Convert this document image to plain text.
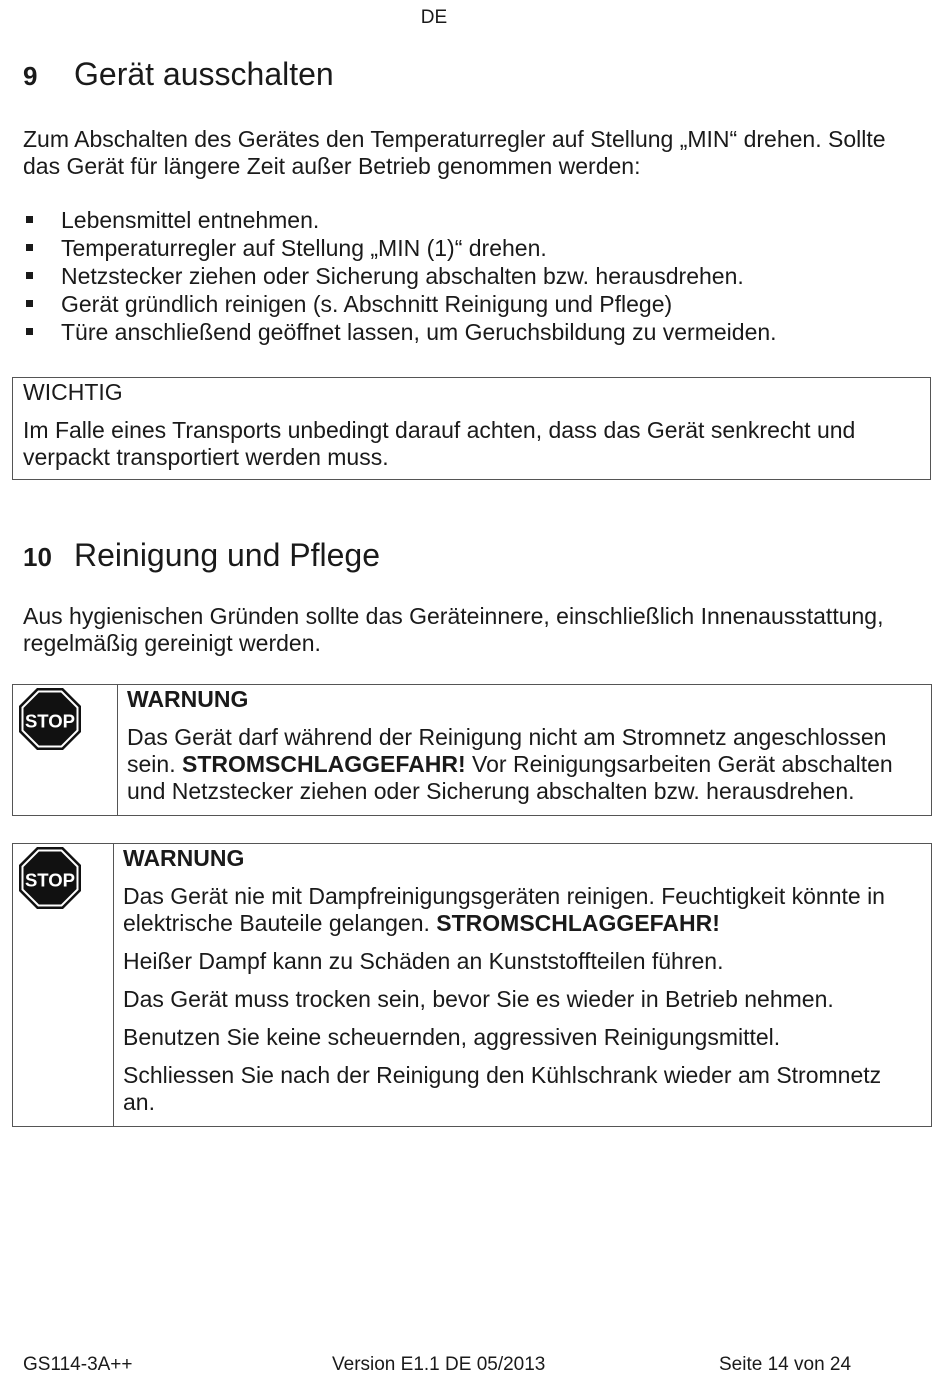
DE
9 Gerät ausschalten

Zum Abschalten des Gerätes den Temperaturregler auf Stellung „MIN“ drehen. Sollte das Gerät für längere Zeit außer Betrieb genommen werden:

Lebensmittel entnehmen.
Temperaturregler auf Stellung „MIN (1)“ drehen.
Netzstecker ziehen oder Sicherung abschalten bzw. herausdrehen.
Gerät gründlich reinigen (s. Abschnitt Reinigung und Pflege)
Türe anschließend geöffnet lassen, um Geruchsbildung zu vermeiden.
WICHTIG
Im Falle eines Transports unbedingt darauf achten, dass das Gerät senkrecht und verpackt transportiert werden muss.
10 Reinigung und Pflege

Aus hygienischen Gründen sollte das Geräteinnere, einschließlich Innenausstattung, regelmäßig gereinigt werden.

STOP
WARNUNG

Das Gerät darf während der Reinigung nicht am Stromnetz angeschlossen sein. STROMSCHLAGGEFAHR! Vor Reinigungsarbeiten Gerät abschalten und Netzstecker ziehen oder Sicherung abschalten bzw. herausdrehen.

STOP
WARNUNG

Das Gerät nie mit Dampfreinigungsgeräten reinigen. Feuchtigkeit könnte in elektrische Bauteile gelangen. STROMSCHLAGGEFAHR!

Heißer Dampf kann zu Schäden an Kunststoffteilen führen.

Das Gerät muss trocken sein, bevor Sie es wieder in Betrieb nehmen.

Benutzen Sie keine scheuernden, aggressiven Reinigungsmittel.

Schliessen Sie nach der Reinigung den Kühlschrank wieder am Stromnetz an.

GS114-3A++	Version E1.1 DE 05/2013	Seite 14 von 24
